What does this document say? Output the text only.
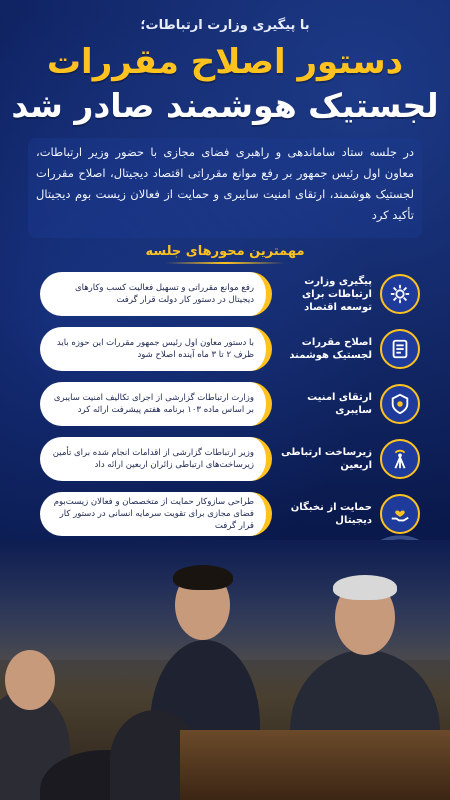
با پیگیری وزارت ارتباطات؛
دستور اصلاح مقررات
لجستیک هوشمند صادر شد
در جلسه ستاد ساماندهی و راهبری فضای مجازی با حضور وزیر ارتباطات، معاون اول رئیس جمهور بر رفع موانع مقرراتی اقتصاد دیجیتال، اصلاح مقررات لجستیک هوشمند، ارتقای امنیت سایبری و حمایت از فعالان زیست بوم دیجیتال تأکید کرد
مهمترین محورهای جلسه
پیگیری وزارت ارتباطات برای توسعه اقتصاد
رفع موانع مقرراتی و تسهیل فعالیت کسب وکارهای دیجیتال در دستور کار دولت قرار گرفت
اصلاح مقررات لجستیک هوشمند
با دستور معاون اول رئیس جمهور مقررات این حوزه باید ظرف ۲ تا ۳ ماه آینده اصلاح شود
ارتقای امنیت سایبری
وزارت ارتباطات گزارشی از اجرای تکالیف امنیت سایبری بر اساس ماده ۱۰۳ برنامه هفتم پیشرفت ارائه کرد
زیرساخت ارتباطی اربعین
وزیر ارتباطات گزارشی از اقدامات انجام شده برای تأمین زیرساخت‌های ارتباطی زائران اربعین ارائه داد
حمایت از نخبگان دیجیتال
طراحی سازوکار حمایت از متخصصان و فعالان زیست‌بوم فضای مجازی برای تقویت سرمایه انسانی در دستور کار قرار گرفت
